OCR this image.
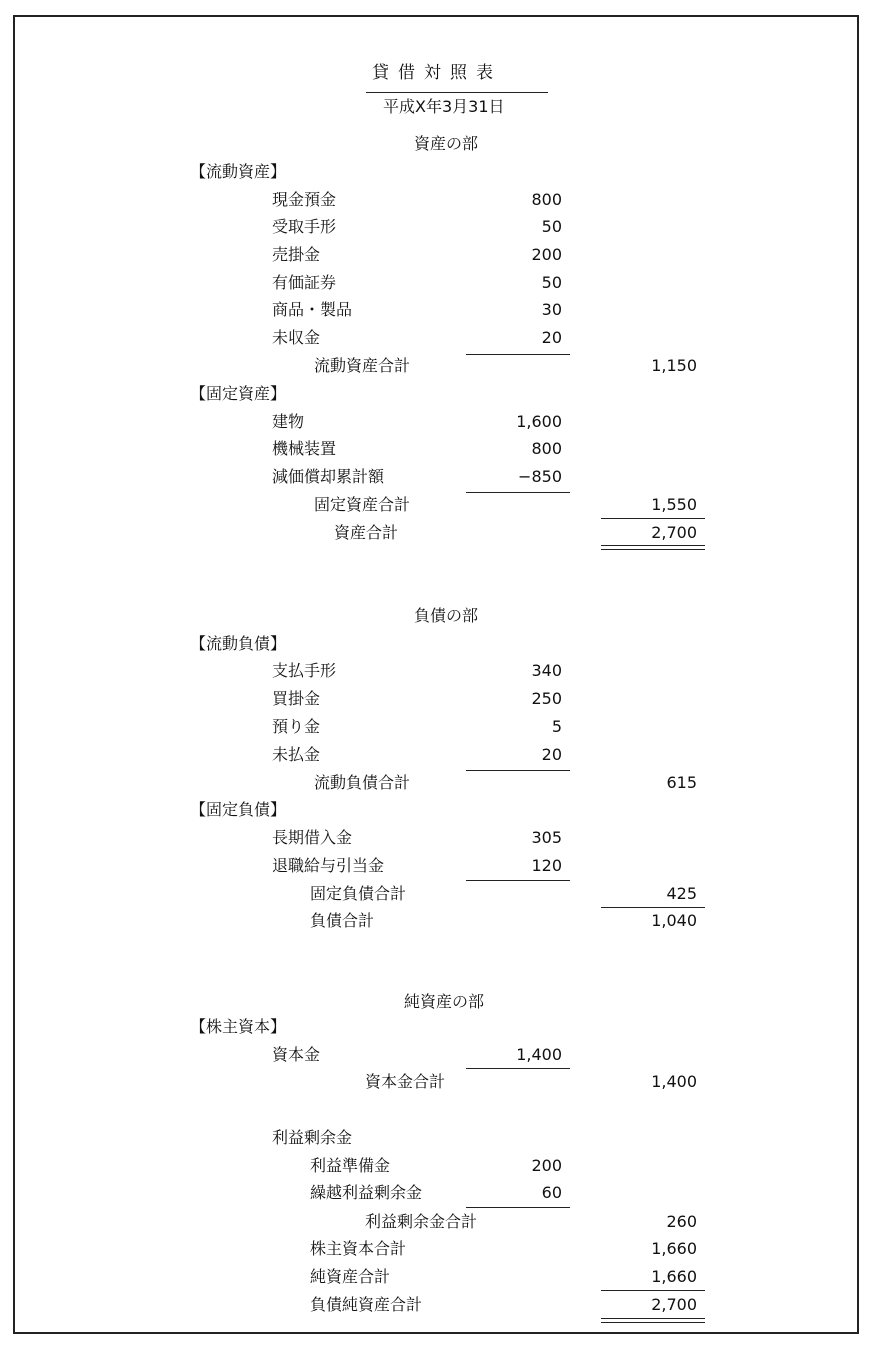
貸借対照表
平成X年3月31日
資産の部
【流動資産】
現金預金	800
受取手形	50
売掛金	200
有価証券	50
商品・製品	30
未収金	20
流動資産合計	1,150
【固定資産】
建物	1,600
機械装置	800
減価償却累計額	−850
固定資産合計	1,550
資産合計	2,700
負債の部
【流動負債】
支払手形	340
買掛金	250
預り金	5
未払金	20
流動負債合計	615
【固定負債】
長期借入金	305
退職給与引当金	120
固定負債合計	425
負債合計	1,040
純資産の部
【株主資本】
資本金	1,400
資本金合計	1,400
利益剰余金
利益準備金	200
繰越利益剰余金	60
利益剰余金合計	260
株主資本合計	1,660
純資産合計	1,660
負債純資産合計	2,700
